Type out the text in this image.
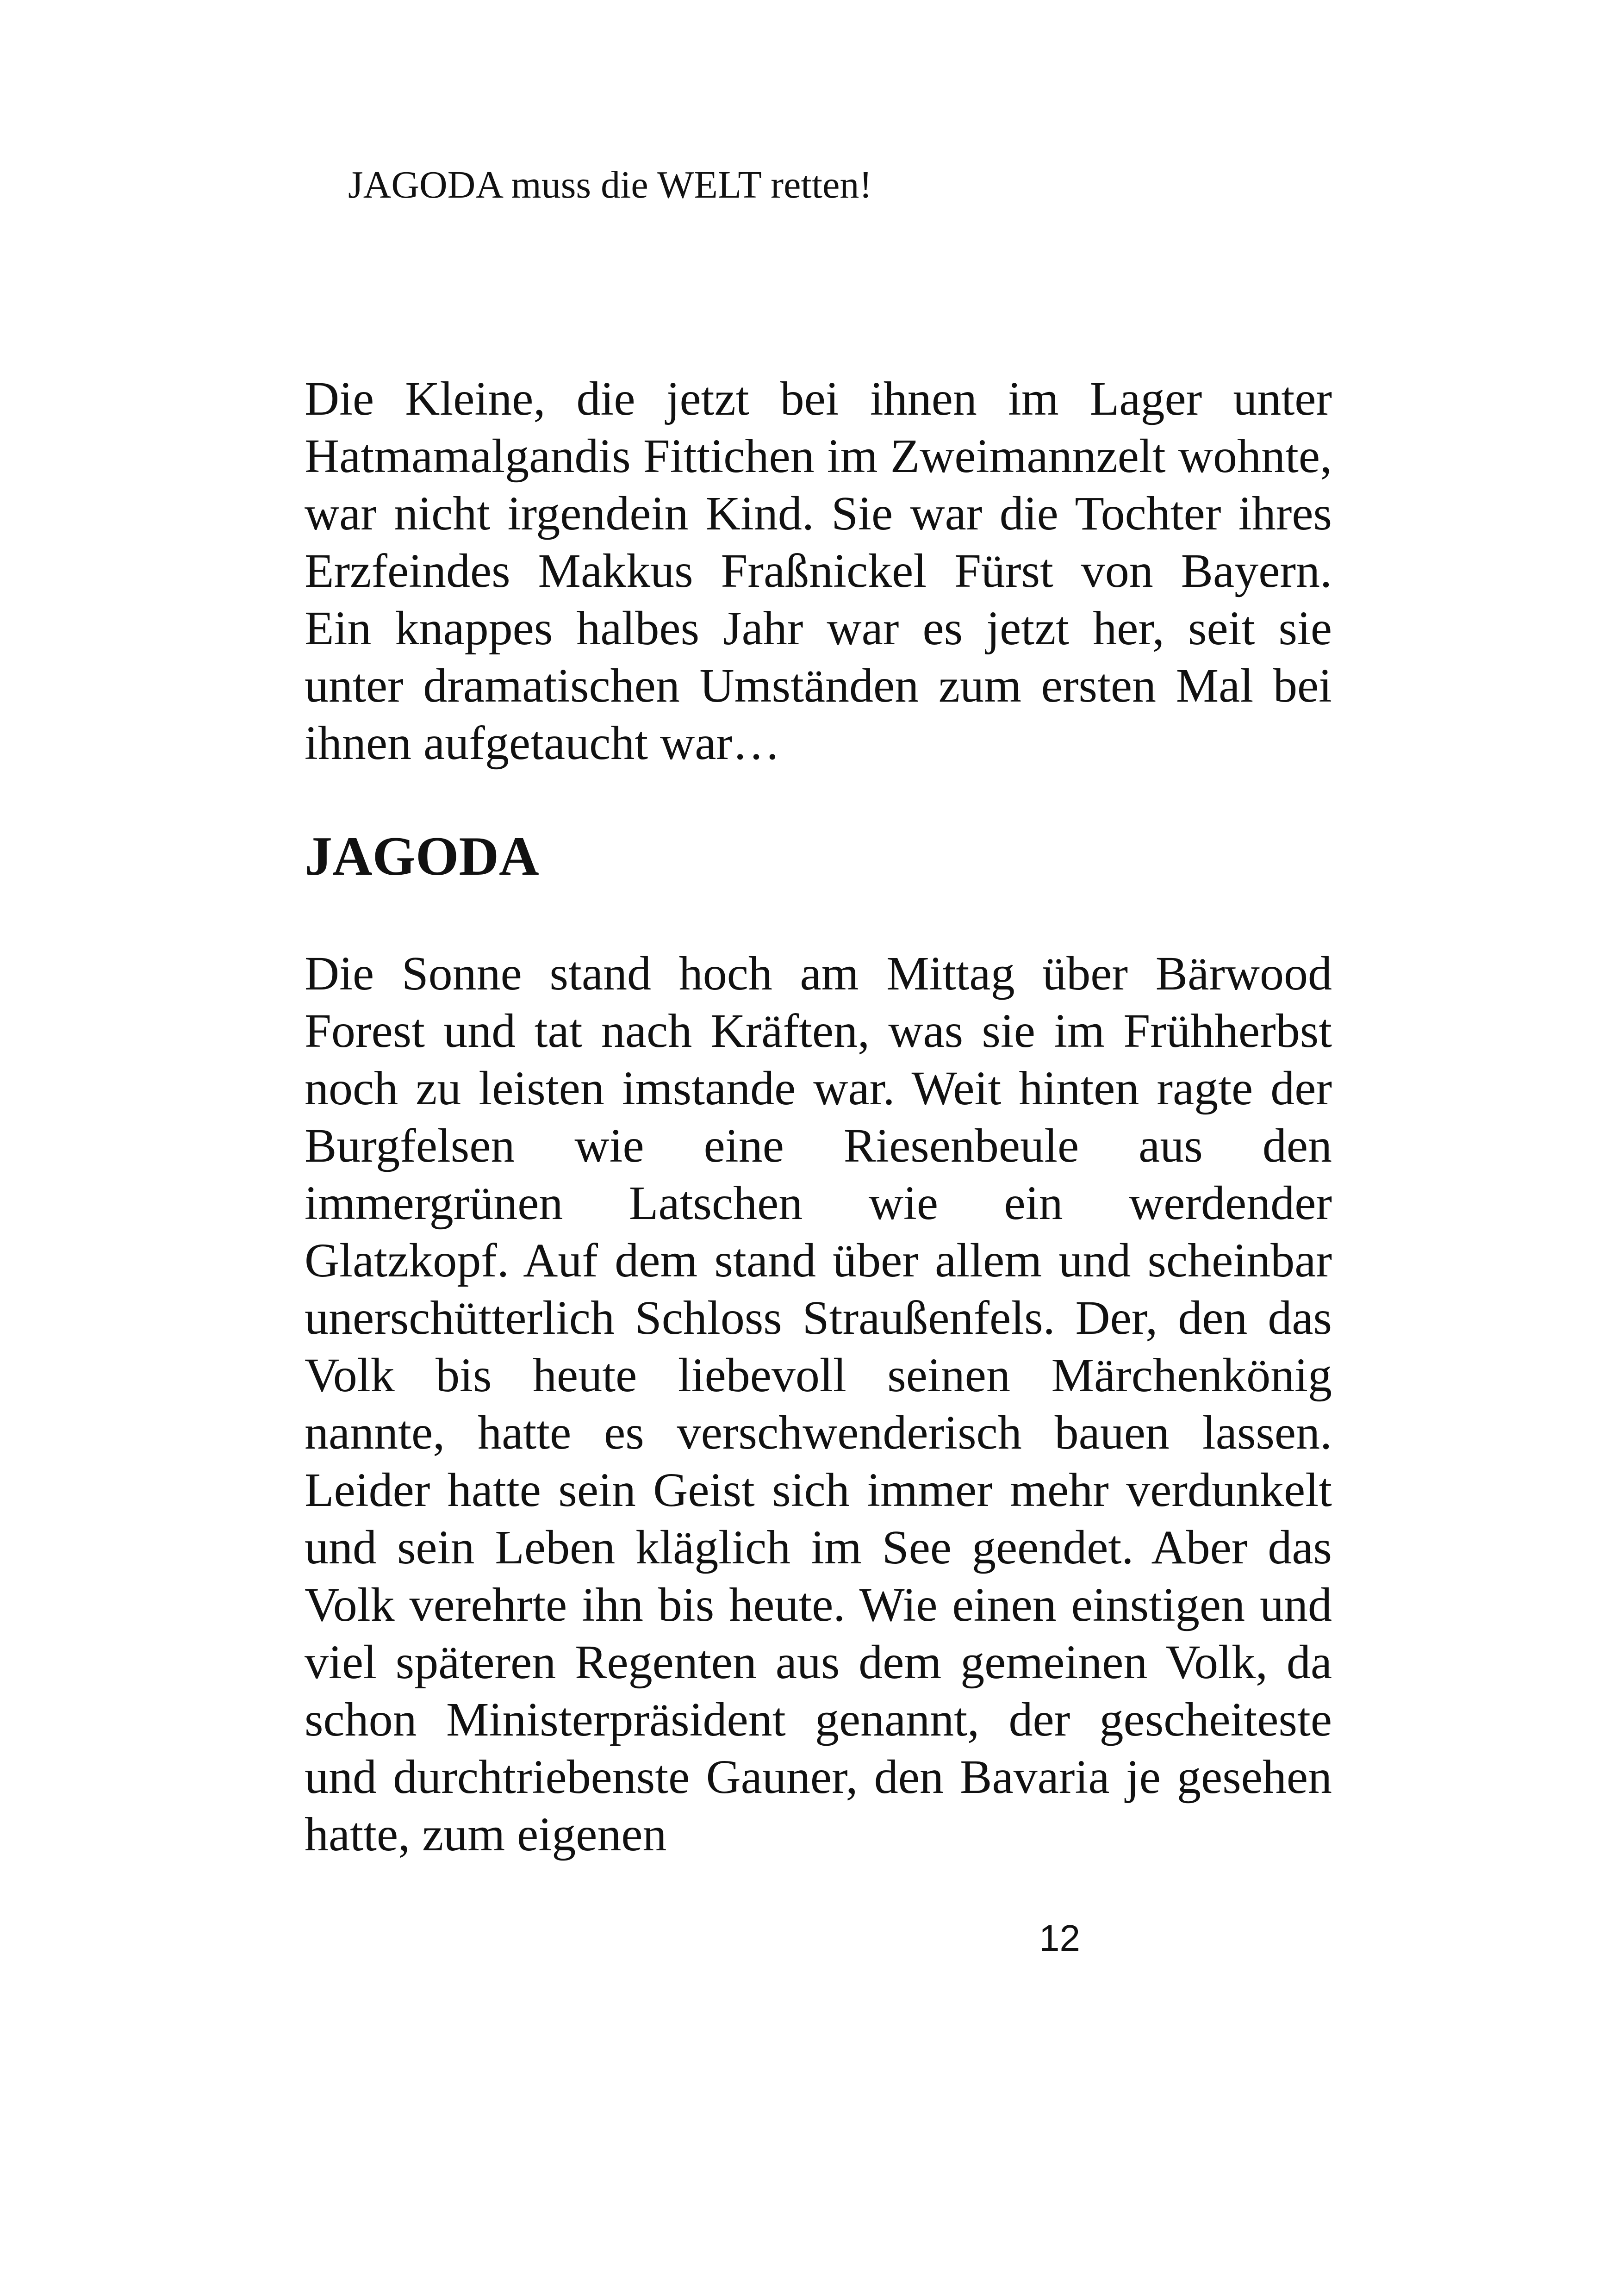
JAGODA muss die WELT retten!

Die Kleine, die jetzt bei ihnen im Lager unter Hatmamalgandis Fittichen im Zweimannzelt wohnte, war nicht irgendein Kind. Sie war die Tochter ihres Erzfeindes Makkus Fraßnickel Fürst von Bayern. Ein knappes halbes Jahr war es jetzt her, seit sie unter dramatischen Umständen zum ersten Mal bei ihnen aufgetaucht war…

JAGODA

Die Sonne stand hoch am Mittag über Bärwood Forest und tat nach Kräften, was sie im Frühherbst noch zu leisten imstande war. Weit hinten ragte der Burgfelsen wie eine Riesenbeule aus den immergrünen Latschen wie ein werdender Glatzkopf. Auf dem stand über allem und scheinbar unerschütterlich Schloss Straußenfels. Der, den das Volk bis heute liebevoll seinen Märchenkönig nannte, hatte es verschwenderisch bauen lassen. Leider hatte sein Geist sich immer mehr verdunkelt und sein Leben kläglich im See geendet. Aber das Volk verehrte ihn bis heute. Wie einen einstigen und viel späteren Regenten aus dem gemeinen Volk, da schon Ministerpräsident genannt, der gescheiteste und durchtriebenste Gauner, den Bavaria je gesehen hatte, zum eigenen

12
